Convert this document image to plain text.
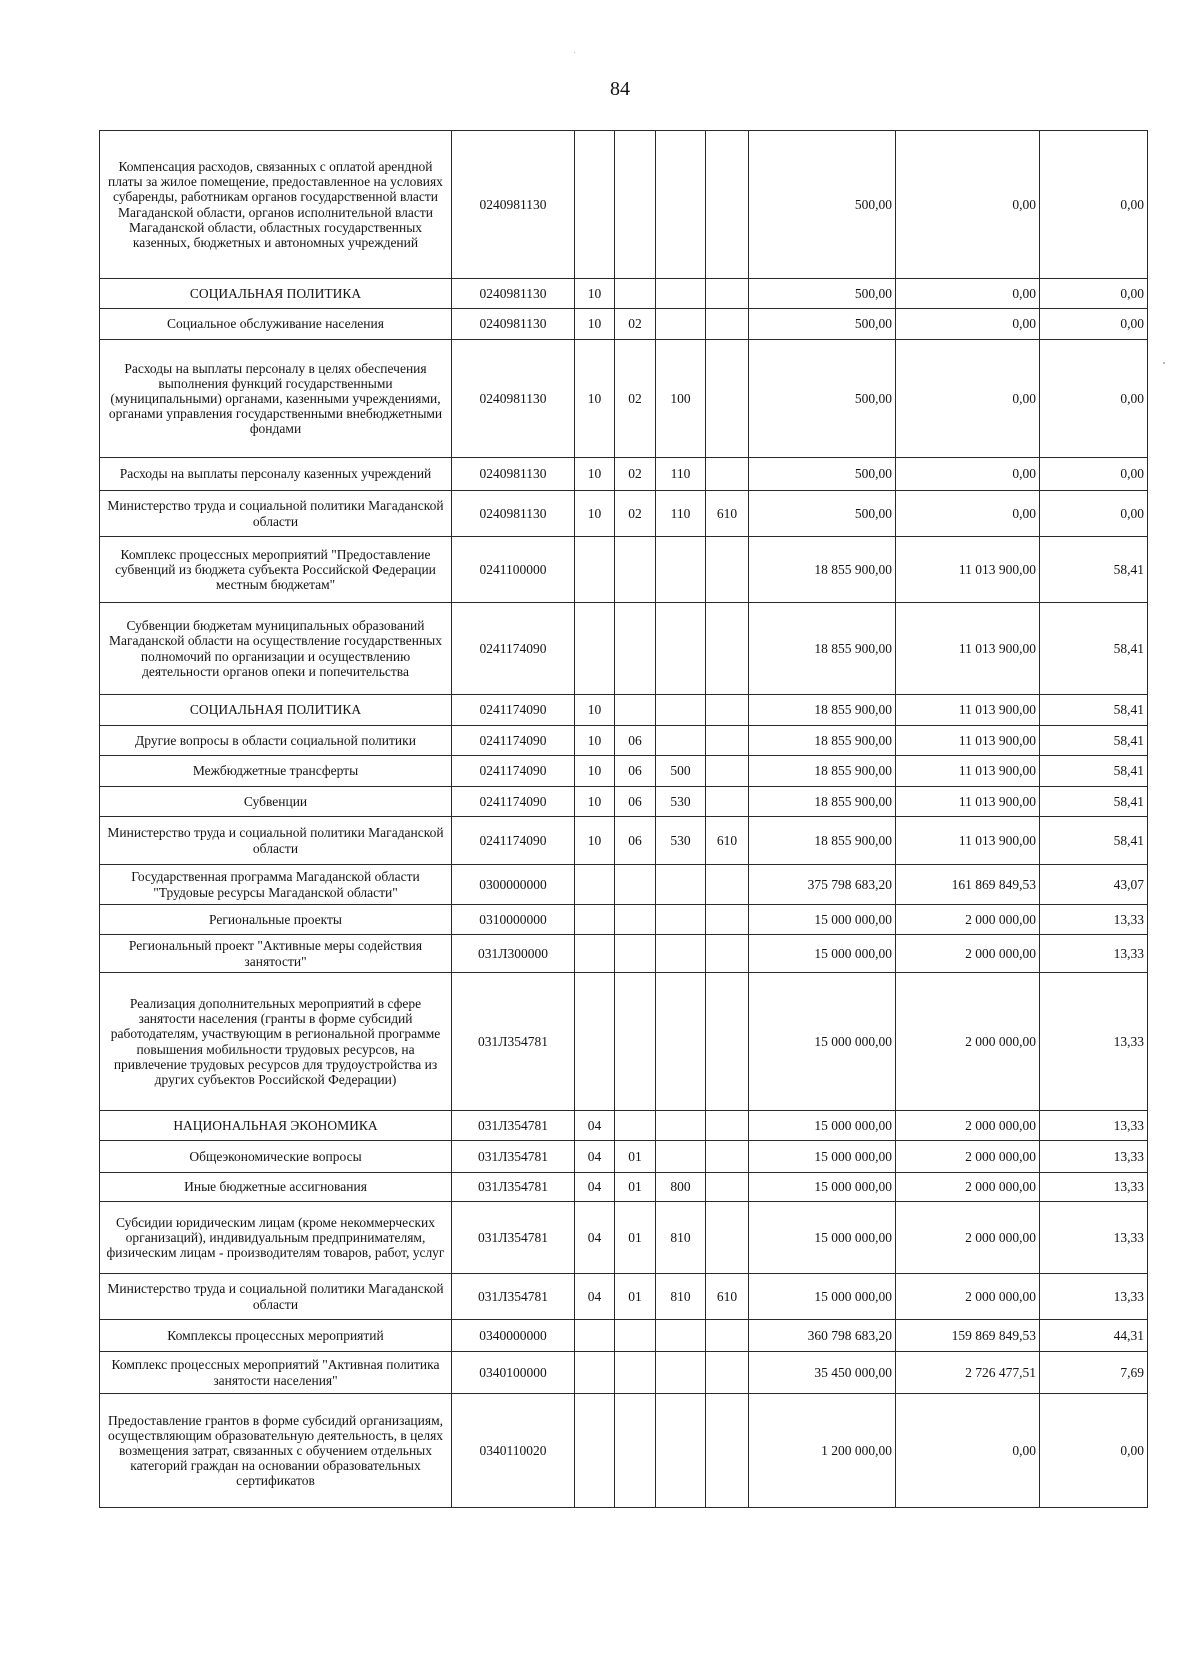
84
Компенсация расходов, связанных с оплатой арендной платы за жилое помещение, предоставленное на условиях субаренды, работникам органов государственной власти Магаданской области, органов исполнительной власти Магаданской области, областных государственных казенных, бюджетных и автономных учреждений	0240981130					500,00	0,00	0,00
СОЦИАЛЬНАЯ ПОЛИТИКА	0240981130	10				500,00	0,00	0,00
Социальное обслуживание населения	0240981130	10	02			500,00	0,00	0,00
Расходы на выплаты персоналу в целях обеспечения выполнения функций государственными (муниципальными) органами, казенными учреждениями, органами управления государственными внебюджетными фондами	0240981130	10	02	100		500,00	0,00	0,00
Расходы на выплаты персоналу казенных учреждений	0240981130	10	02	110		500,00	0,00	0,00
Министерство труда и социальной политики Магаданской области	0240981130	10	02	110	610	500,00	0,00	0,00
Комплекс процессных мероприятий "Предоставление субвенций из бюджета субъекта Российской Федерации местным бюджетам"	0241100000					18 855 900,00	11 013 900,00	58,41
Субвенции бюджетам муниципальных образований Магаданской области на осуществление государственных полномочий по организации и осуществлению деятельности органов опеки и попечительства	0241174090					18 855 900,00	11 013 900,00	58,41
СОЦИАЛЬНАЯ ПОЛИТИКА	0241174090	10				18 855 900,00	11 013 900,00	58,41
Другие вопросы в области социальной политики	0241174090	10	06			18 855 900,00	11 013 900,00	58,41
Межбюджетные трансферты	0241174090	10	06	500		18 855 900,00	11 013 900,00	58,41
Субвенции	0241174090	10	06	530		18 855 900,00	11 013 900,00	58,41
Министерство труда и социальной политики Магаданской области	0241174090	10	06	530	610	18 855 900,00	11 013 900,00	58,41
Государственная программа Магаданской области "Трудовые ресурсы Магаданской области"	0300000000					375 798 683,20	161 869 849,53	43,07
Региональные проекты	0310000000					15 000 000,00	2 000 000,00	13,33
Региональный проект "Активные меры содействия занятости"	031Л300000					15 000 000,00	2 000 000,00	13,33
Реализация дополнительных мероприятий в сфере занятости населения (гранты в форме субсидий работодателям, участвующим в региональной программе повышения мобильности трудовых ресурсов, на привлечение трудовых ресурсов для трудоустройства из других субъектов Российской Федерации)	031Л354781					15 000 000,00	2 000 000,00	13,33
НАЦИОНАЛЬНАЯ ЭКОНОМИКА	031Л354781	04				15 000 000,00	2 000 000,00	13,33
Общеэкономические вопросы	031Л354781	04	01			15 000 000,00	2 000 000,00	13,33
Иные бюджетные ассигнования	031Л354781	04	01	800		15 000 000,00	2 000 000,00	13,33
Субсидии юридическим лицам (кроме некоммерческих организаций), индивидуальным предпринимателям, физическим лицам - производителям товаров, работ, услуг	031Л354781	04	01	810		15 000 000,00	2 000 000,00	13,33
Министерство труда и социальной политики Магаданской области	031Л354781	04	01	810	610	15 000 000,00	2 000 000,00	13,33
Комплексы процессных мероприятий	0340000000					360 798 683,20	159 869 849,53	44,31
Комплекс процессных мероприятий "Активная политика занятости населения"	0340100000					35 450 000,00	2 726 477,51	7,69
Предоставление грантов в форме субсидий организациям, осуществляющим образовательную деятельность, в целях возмещения затрат, связанных с обучением отдельных категорий граждан на основании образовательных сертификатов	0340110020					1 200 000,00	0,00	0,00
